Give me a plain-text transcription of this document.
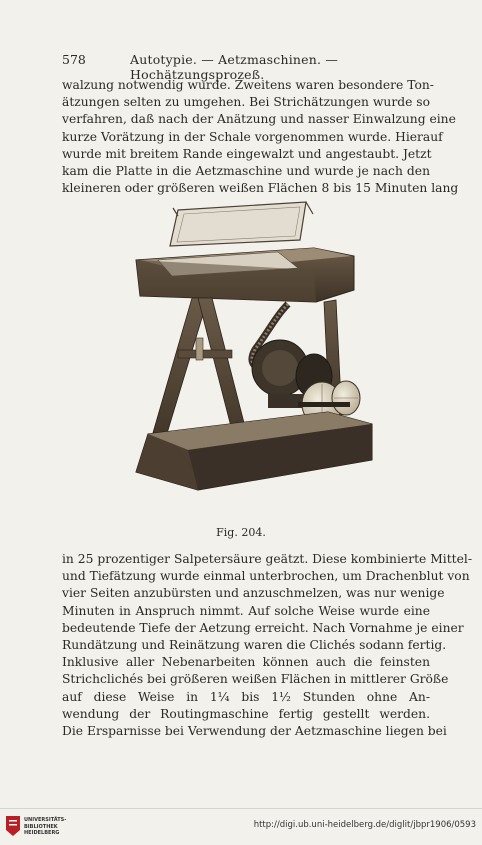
578	Autotypie. — Aetzmaschinen. — Hochätzungsprozeß.
walzung notwendig wurde. Zweitens waren besondere Ton-
ätzungen selten zu umgehen. Bei Strichätzungen wurde so
verfahren, daß nach der Anätzung und nasser Einwalzung eine
kurze Vorätzung in der Schale vorgenommen wurde. Hierauf
wurde mit breitem Rande eingewalzt und angestaubt. Jetzt
kam die Platte in die Aetzmaschine und wurde je nach den
kleineren oder größeren weißen Flächen 8 bis 15 Minuten lang
Fig. 204.
in 25 prozentiger Salpetersäure geätzt. Diese kombinierte Mittel-
und Tiefätzung wurde einmal unterbrochen, um Drachenblut von
vier Seiten anzubürsten und anzuschmelzen, was nur wenige
Minuten in Anspruch nimmt. Auf solche Weise wurde eine
bedeutende Tiefe der Aetzung erreicht. Nach Vornahme je einer
Rundätzung und Reinätzung waren die Clichés sodann fertig.
Inklusive aller Nebenarbeiten können auch die feinsten
Strichclichés bei größeren weißen Flächen in mittlerer Größe
auf diese Weise in 1¼ bis 1½ Stunden ohne An-
wendung der Routingmaschine fertig gestellt werden.
Die Ersparnisse bei Verwendung der Aetzmaschine liegen bei
UNIVERSITÄTS-
BIBLIOTHEK
HEIDELBERG
http://digi.ub.uni-heidelberg.de/diglit/jbpr1906/0593
